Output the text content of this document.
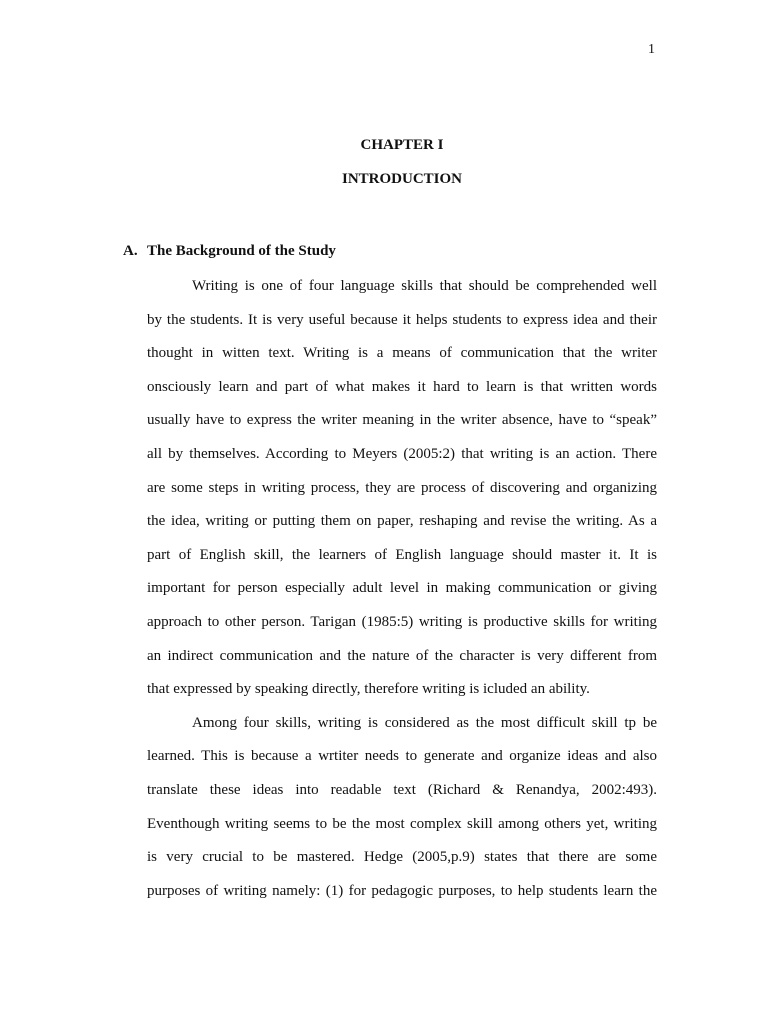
1
CHAPTER I
INTRODUCTION
A. The Background of the Study
Writing is one of four language skills that should be comprehended well
by the students. It is very useful because it helps students to express idea and their
thought in witten text. Writing is a means of communication that the writer
onsciously learn and part of what makes it hard to learn is that written words
usually have to express the writer meaning in the writer absence, have to “speak”
all by themselves. According to Meyers (2005:2) that writing is an action. There
are some steps in writing process, they are process of discovering and organizing
the idea, writing or putting them on paper, reshaping and revise the writing. As a
part of English skill, the learners of English language should master it. It is
important for person especially adult level in making communication or giving
approach to other person. Tarigan (1985:5) writing is productive skills for writing
an indirect communication and the nature of the character is very different from
that expressed by speaking directly, therefore writing is icluded an ability.
Among four skills, writing is considered as the most difficult skill tp be
learned. This is because a wrtiter needs to generate and organize ideas and also
translate these ideas into readable text (Richard & Renandya, 2002:493).
Eventhough writing seems to be the most complex skill among others yet, writing
is very crucial to be mastered. Hedge (2005,p.9) states that there are some
purposes of writing namely: (1) for pedagogic purposes, to help students learn the
